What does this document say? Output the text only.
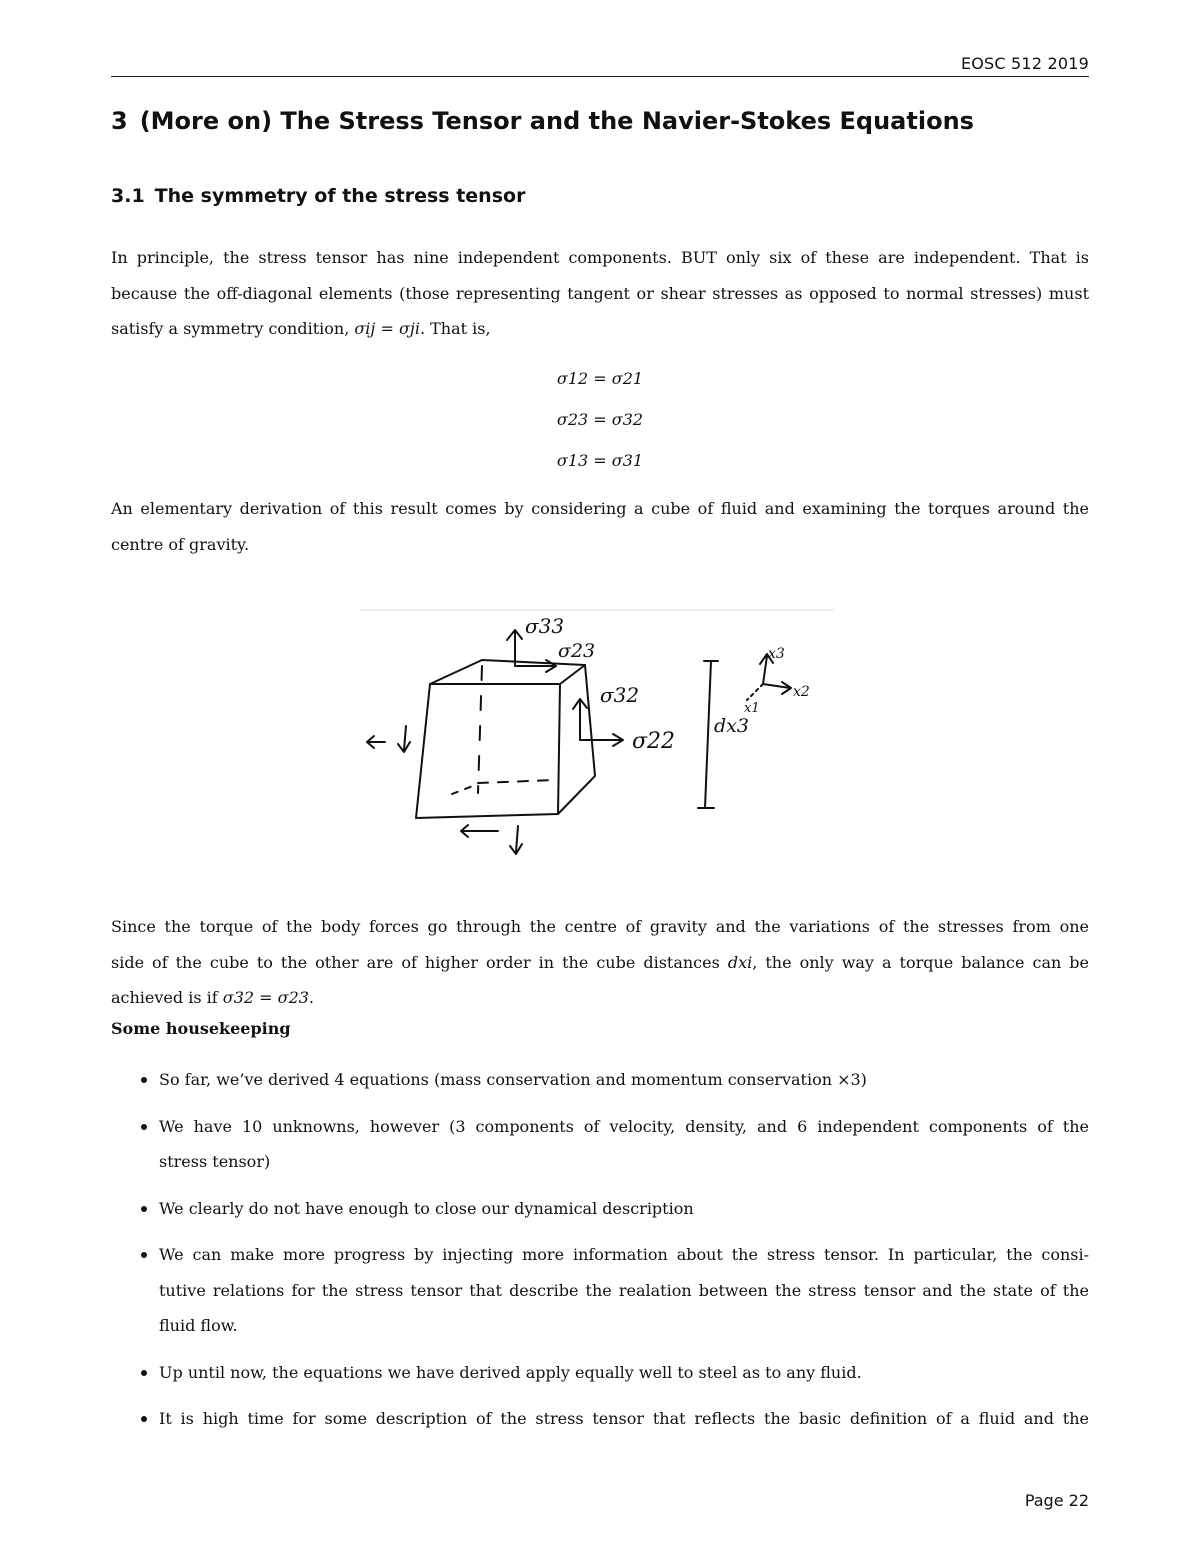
EOSC 512 2019
3 (More on) The Stress Tensor and the Navier-Stokes Equations
3.1 The symmetry of the stress tensor
In principle, the stress tensor has nine independent components. BUT only six of these are independent. That is
because the off-diagonal elements (those representing tangent or shear stresses as opposed to normal stresses) must
satisfy a symmetry condition, σij = σji. That is,
σ12 = σ21
σ23 = σ32
σ13 = σ31
An elementary derivation of this result comes by considering a cube of fluid and examining the torques around the
centre of gravity.
σ33
σ23
σ32
σ22
dx3
x3
x2
x1
Since the torque of the body forces go through the centre of gravity and the variations of the stresses from one
side of the cube to the other are of higher order in the cube distances dxi, the only way a torque balance can be
achieved is if σ32 = σ23.
Some housekeeping
So far, we’ve derived 4 equations (mass conservation and momentum conservation ×3)
We have 10 unknowns, however (3 components of velocity, density, and 6 independent components of the
stress tensor)
We clearly do not have enough to close our dynamical description
We can make more progress by injecting more information about the stress tensor. In particular, the consi-
tutive relations for the stress tensor that describe the realation between the stress tensor and the state of the
fluid flow.
Up until now, the equations we have derived apply equally well to steel as to any fluid.
It is high time for some description of the stress tensor that reflects the basic definition of a fluid and the
Page 22
